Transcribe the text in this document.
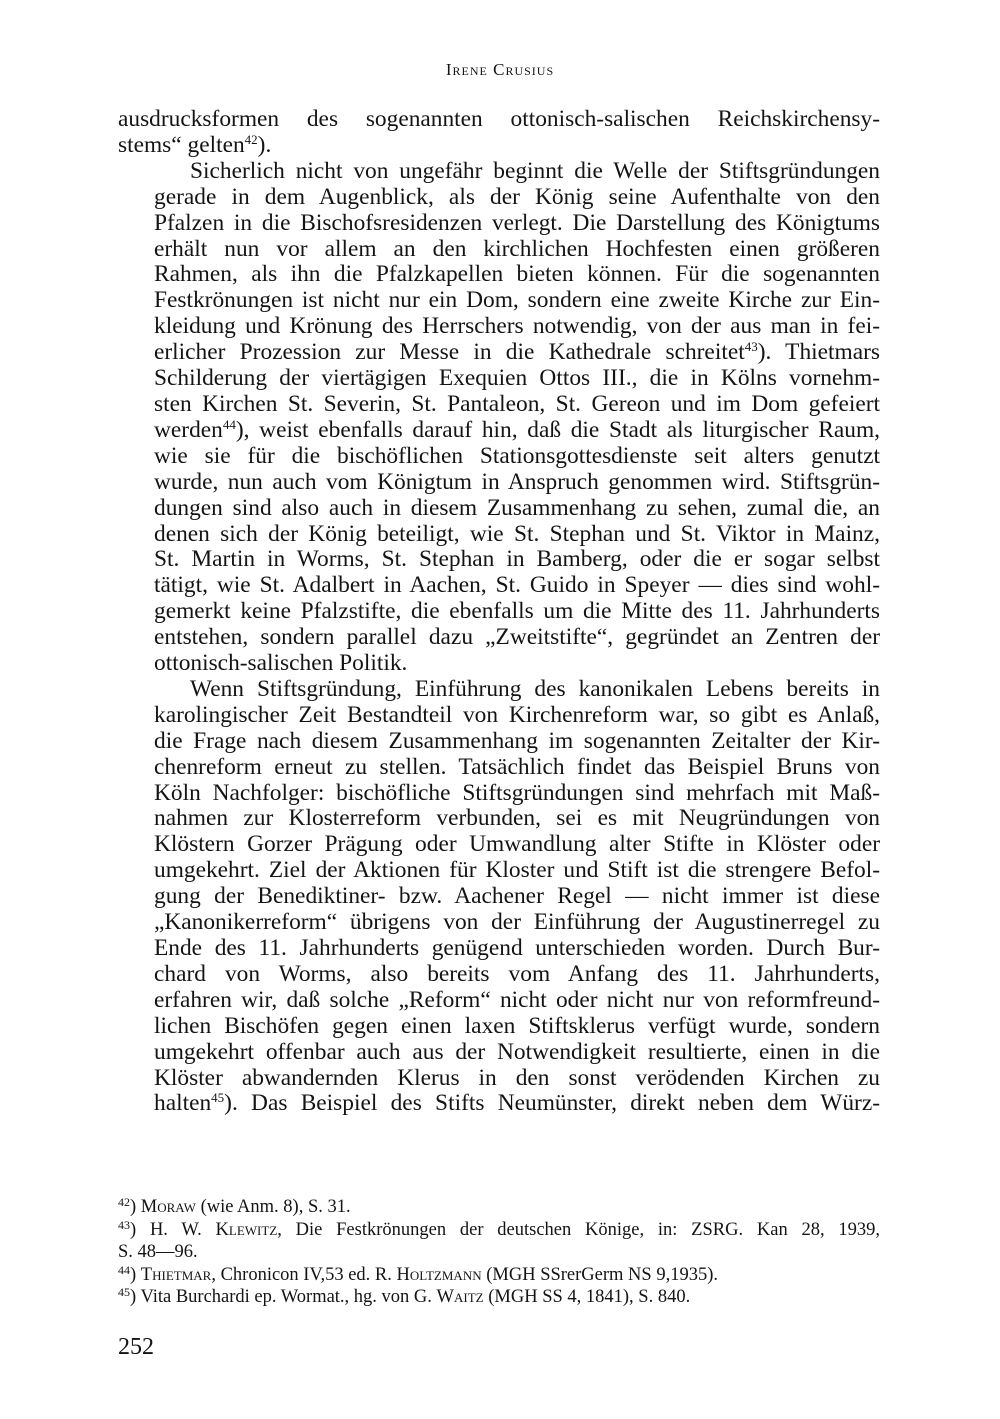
Irene Crusius
ausdrucksformen des sogenannten ottonisch-salischen Reichskirchensy-
stems“ gelten$^{42}$).
Sicherlich nicht von ungefähr beginnt die Welle der Stiftsgründungen
gerade in dem Augenblick, als der König seine Aufenthalte von den
Pfalzen in die Bischofsresidenzen verlegt. Die Darstellung des Königtums
erhält nun vor allem an den kirchlichen Hochfesten einen größeren
Rahmen, als ihn die Pfalzkapellen bieten können. Für die sogenannten
Festkrönungen ist nicht nur ein Dom, sondern eine zweite Kirche zur Ein-
kleidung und Krönung des Herrschers notwendig, von der aus man in fei-
erlicher Prozession zur Messe in die Kathedrale schreitet$^{43}$). Thietmars
Schilderung der viertägigen Exequien Ottos III., die in Kölns vornehm-
sten Kirchen St. Severin, St. Pantaleon, St. Gereon und im Dom gefeiert
werden$^{44}$), weist ebenfalls darauf hin, daß die Stadt als liturgischer Raum,
wie sie für die bischöflichen Stationsgottesdienste seit alters genutzt
wurde, nun auch vom Königtum in Anspruch genommen wird. Stiftsgrün-
dungen sind also auch in diesem Zusammenhang zu sehen, zumal die, an
denen sich der König beteiligt, wie St. Stephan und St. Viktor in Mainz,
St. Martin in Worms, St. Stephan in Bamberg, oder die er sogar selbst
tätigt, wie St. Adalbert in Aachen, St. Guido in Speyer — dies sind wohl-
gemerkt keine Pfalzstifte, die ebenfalls um die Mitte des 11. Jahrhunderts
entstehen, sondern parallel dazu „Zweitstifte“, gegründet an Zentren der
ottonisch-salischen Politik.
Wenn Stiftsgründung, Einführung des kanonikalen Lebens bereits in
karolingischer Zeit Bestandteil von Kirchenreform war, so gibt es Anlaß,
die Frage nach diesem Zusammenhang im sogenannten Zeitalter der Kir-
chenreform erneut zu stellen. Tatsächlich findet das Beispiel Bruns von
Köln Nachfolger: bischöfliche Stiftsgründungen sind mehrfach mit Maß-
nahmen zur Klosterreform verbunden, sei es mit Neugründungen von
Klöstern Gorzer Prägung oder Umwandlung alter Stifte in Klöster oder
umgekehrt. Ziel der Aktionen für Kloster und Stift ist die strengere Befol-
gung der Benediktiner- bzw. Aachener Regel — nicht immer ist diese
„Kanonikerreform“ übrigens von der Einführung der Augustinerregel zu
Ende des 11. Jahrhunderts genügend unterschieden worden. Durch Bur-
chard von Worms, also bereits vom Anfang des 11. Jahrhunderts,
erfahren wir, daß solche „Reform“ nicht oder nicht nur von reformfreund-
lichen Bischöfen gegen einen laxen Stiftsklerus verfügt wurde, sondern
umgekehrt offenbar auch aus der Notwendigkeit resultierte, einen in die
Klöster abwandernden Klerus in den sonst verödenden Kirchen zu
halten$^{45}$). Das Beispiel des Stifts Neumünster, direkt neben dem Würz-

$^{42}$) Moraw (wie Anm. 8), S. 31.

$^{43}$) H. W. Klewitz, Die Festkrönungen der deutschen Könige, in: ZSRG. Kan 28, 1939,
S. 48—96.

$^{44}$) Thietmar, Chronicon IV,53 ed. R. Holtzmann (MGH SSrerGerm NS 9,1935).

$^{45}$) Vita Burchardi ep. Wormat., hg. von G. Waitz (MGH SS 4, 1841), S. 840.

252
